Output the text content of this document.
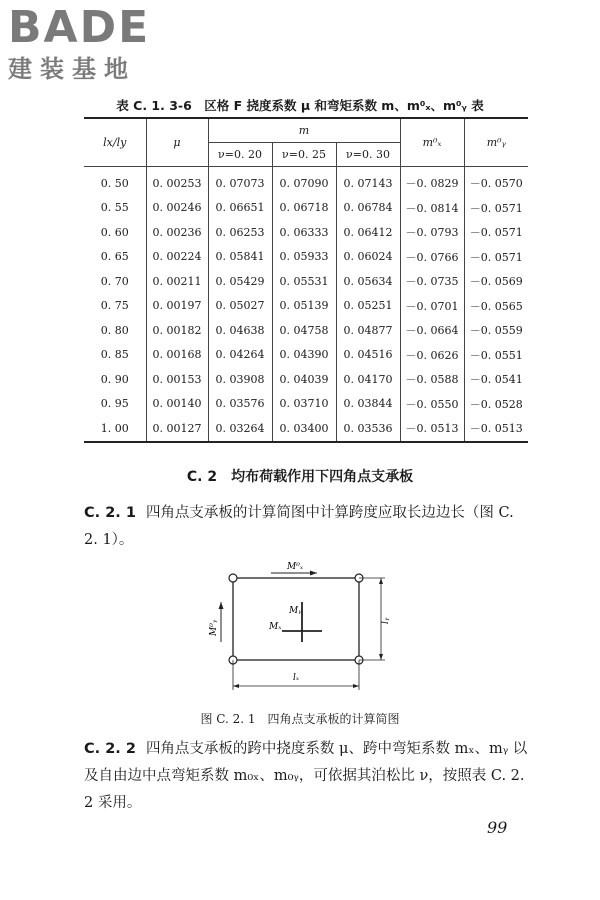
BADE
建装基地
表 C. 1. 3-6　区格 F 挠度系数 μ 和弯矩系数 m、m⁰ₓ、m⁰ᵧ 表
lx/ly	μ	m			m⁰ₓ	m⁰ᵧ
		ν=0. 20	ν=0. 25	ν=0. 30		
0. 50	0. 00253	0. 07073	0. 07090	0. 07143	－0. 0829	－0. 0570
0. 55	0. 00246	0. 06651	0. 06718	0. 06784	－0. 0814	－0. 0571
0. 60	0. 00236	0. 06253	0. 06333	0. 06412	－0. 0793	－0. 0571
0. 65	0. 00224	0. 05841	0. 05933	0. 06024	－0. 0766	－0. 0571
0. 70	0. 00211	0. 05429	0. 05531	0. 05634	－0. 0735	－0. 0569
0. 75	0. 00197	0. 05027	0. 05139	0. 05251	－0. 0701	－0. 0565
0. 80	0. 00182	0. 04638	0. 04758	0. 04877	－0. 0664	－0. 0559
0. 85	0. 00168	0. 04264	0. 04390	0. 04516	－0. 0626	－0. 0551
0. 90	0. 00153	0. 03908	0. 04039	0. 04170	－0. 0588	－0. 0541
0. 95	0. 00140	0. 03576	0. 03710	0. 03844	－0. 0550	－0. 0528
1. 00	0. 00127	0. 03264	0. 03400	0. 03536	－0. 0513	－0. 0513
C. 2　均布荷载作用下四角点支承板
C. 2. 1 四角点支承板的计算简图中计算跨度应取长边边长（图 C. 2. 1）。
M⁰ₓ
M⁰ᵧ
Mᵧ
Mₓ
lᵧ
lₓ
图 C. 2. 1　四角点支承板的计算简图
C. 2. 2 四角点支承板的跨中挠度系数 μ、跨中弯矩系数 mₓ、mᵧ 以及自由边中点弯矩系数 m₀ₓ、m₀ᵧ，可依据其泊松比 ν，按照表 C. 2. 2 采用。
99
